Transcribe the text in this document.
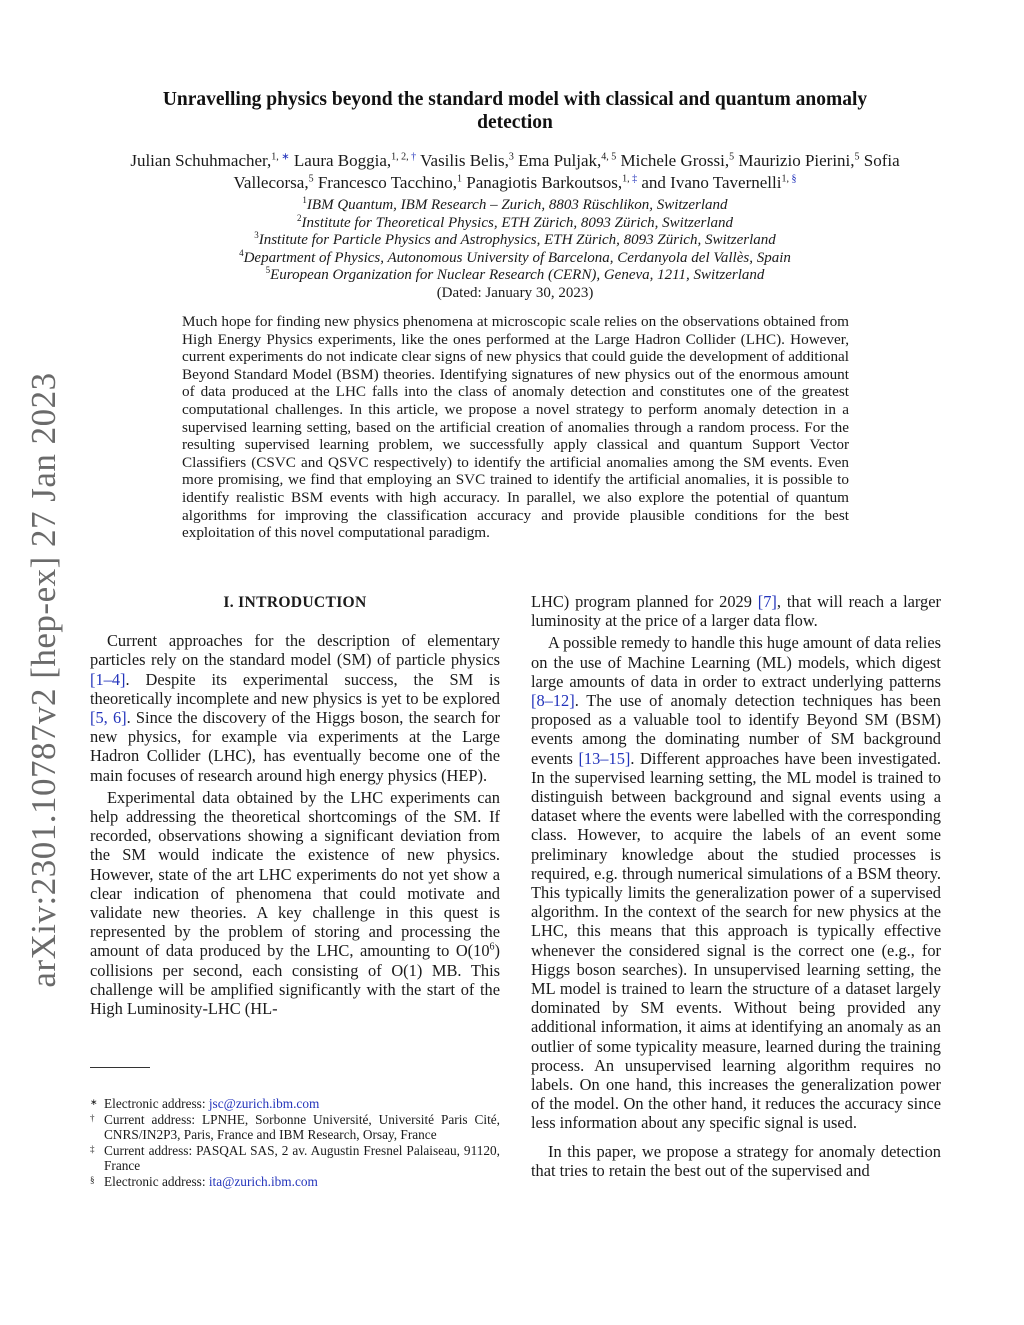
arXiv:2301.10787v2 [hep-ex] 27 Jan 2023
Unravelling physics beyond the standard model with classical and quantum anomaly
detection
Julian Schuhmacher,$^{1, ∗}$ Laura Boggia,$^{1, 2, \dagger}$ Vasilis Belis,$^3$ Ema Puljak,$^{4, 5}$ Michele Grossi,$^5$ Maurizio Pierini,$^5$ Sofia Vallecorsa,$^5$ Francesco Tacchino,$^1$ Panagiotis Barkoutsos,$^{1, \ddagger}$ and Ivano Tavernelli$^{1, \S}$
$^1$IBM Quantum, IBM Research – Zurich, 8803 Rüschlikon, Switzerland
$^2$Institute for Theoretical Physics, ETH Zürich, 8093 Zürich, Switzerland
$^3$Institute for Particle Physics and Astrophysics, ETH Zürich, 8093 Zürich, Switzerland
$^4$Department of Physics, Autonomous University of Barcelona, Cerdanyola del Vallès, Spain
$^5$European Organization for Nuclear Research (CERN), Geneva, 1211, Switzerland
(Dated: January 30, 2023)
Much hope for finding new physics phenomena at microscopic scale relies on the observations obtained from High Energy Physics experiments, like the ones performed at the Large Hadron Collider (LHC). However, current experiments do not indicate clear signs of new physics that could guide the development of additional Beyond Standard Model (BSM) theories. Identifying signatures of new physics out of the enormous amount of data produced at the LHC falls into the class of anomaly detection and constitutes one of the greatest computational challenges. In this article, we propose a novel strategy to perform anomaly detection in a supervised learning setting, based on the artificial creation of anomalies through a random process. For the resulting supervised learning problem, we successfully apply classical and quantum Support Vector Classifiers (CSVC and QSVC respectively) to identify the artificial anomalies among the SM events. Even more promising, we find that employing an SVC trained to identify the artificial anomalies, it is possible to identify realistic BSM events with high accuracy. In parallel, we also explore the potential of quantum algorithms for improving the classification accuracy and provide plausible conditions for the best exploitation of this novel computational paradigm.
I. INTRODUCTION

Current approaches for the description of elementary particles rely on the standard model (SM) of particle physics [1–4]. Despite its experimental success, the SM is theoretically incomplete and new physics is yet to be explored [5, 6]. Since the discovery of the Higgs boson, the search for new physics, for example via experiments at the Large Hadron Collider (LHC), has eventually become one of the main focuses of research around high energy physics (HEP).

Experimental data obtained by the LHC experiments can help addressing the theoretical shortcomings of the SM. If recorded, observations showing a significant deviation from the SM would indicate the existence of new physics. However, state of the art LHC experiments do not yet show a clear indication of phenomena that could motivate and validate new theories. A key challenge in this quest is represented by the problem of storing and processing the amount of data produced by the LHC, amounting to $O(10^6)$ collisions per second, each consisting of O(1) MB. This challenge will be amplified significantly with the start of the High Luminosity-LHC (HL-

LHC) program planned for 2029 [7], that will reach a larger luminosity at the price of a larger data flow.

A possible remedy to handle this huge amount of data relies on the use of Machine Learning (ML) models, which digest large amounts of data in order to extract underlying patterns [8–12]. The use of anomaly detection techniques has been proposed as a valuable tool to identify Beyond SM (BSM) events among the dominating number of SM background events [13–15]. Different approaches have been investigated. In the supervised learning setting, the ML model is trained to distinguish between background and signal events using a dataset where the events were labelled with the corresponding class. However, to acquire the labels of an event some preliminary knowledge about the studied processes is required, e.g. through numerical simulations of a BSM theory. This typically limits the generalization power of a supervised algorithm. In the context of the search for new physics at the LHC, this means that this approach is typically effective whenever the considered signal is the correct one (e.g., for Higgs boson searches). In unsupervised learning setting, the ML model is trained to learn the structure of a dataset largely dominated by SM events. Without being provided any additional information, it aims at identifying an anomaly as an outlier of some typicality measure, learned during the training process. An unsupervised learning algorithm requires no labels. On one hand, this increases the generalization power of the model. On the other hand, it reduces the accuracy since less information about any specific signal is used.

In this paper, we propose a strategy for anomaly detection that tries to retain the best out of the supervised and

∗ Electronic address: jsc@zurich.ibm.com
† Current address: LPNHE, Sorbonne Université, Université Paris Cité, CNRS/IN2P3, Paris, France and IBM Research, Orsay, France
‡ Current address: PASQAL SAS, 2 av. Augustin Fresnel Palaiseau, 91120, France
§ Electronic address: ita@zurich.ibm.com
